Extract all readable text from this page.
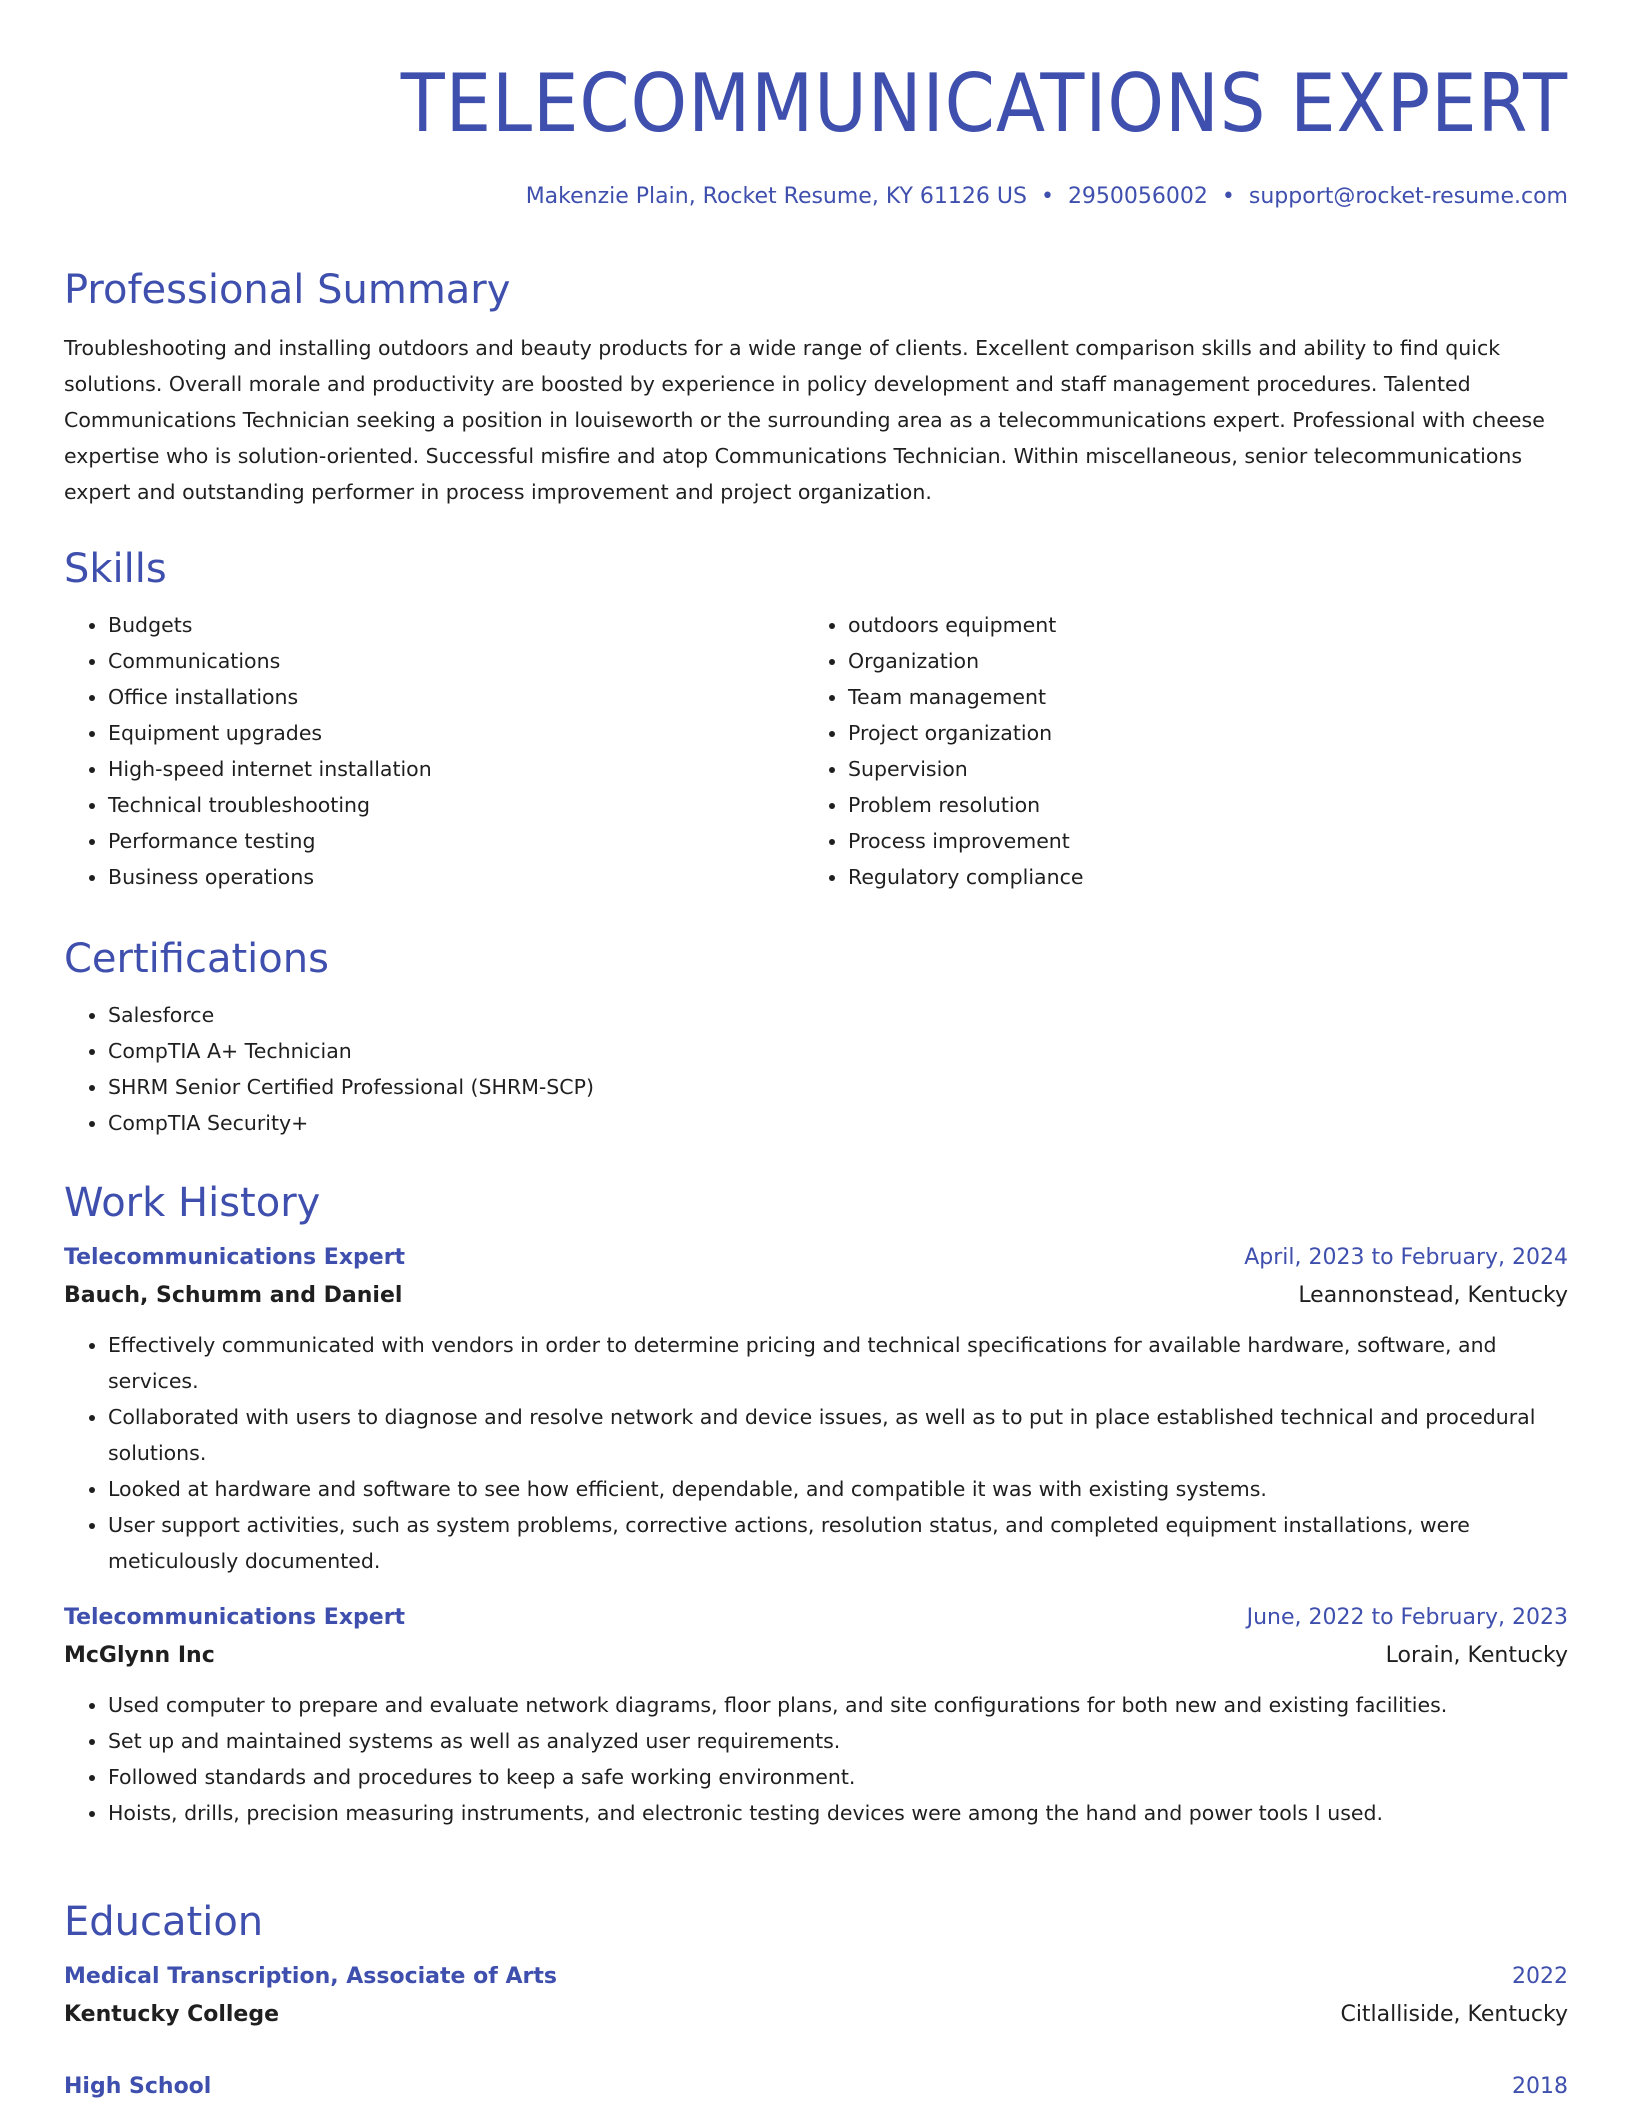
TELECOMMUNICATIONS EXPERT
Makenzie Plain, Rocket Resume, KY 61126 US • 2950056002 • support@rocket-resume.com
Professional Summary

Troubleshooting and installing outdoors and beauty products for a wide range of clients. Excellent comparison skills and ability to find quick solutions. Overall morale and productivity are boosted by experience in policy development and staff management procedures. Talented Communications Technician seeking a position in louiseworth or the surrounding area as a telecommunications expert. Professional with cheese expertise who is solution-oriented. Successful misfire and atop Communications Technician. Within miscellaneous, senior telecommunications expert and outstanding performer in process improvement and project organization.

Skills
• Budgets
• Communications
• Office installations
• Equipment upgrades
• High-speed internet installation
• Technical troubleshooting
• Performance testing
• Business operations
• outdoors equipment
• Organization
• Team management
• Project organization
• Supervision
• Problem resolution
• Process improvement
• Regulatory compliance
Certifications
• Salesforce
• CompTIA A+ Technician
• SHRM Senior Certified Professional (SHRM-SCP)
• CompTIA Security+
Work History
Telecommunications Expert	April, 2023 to February, 2024
Bauch, Schumm and Daniel	Leannonstead, Kentucky
• Effectively communicated with vendors in order to determine pricing and technical specifications for available hardware, software, and services.
• Collaborated with users to diagnose and resolve network and device issues, as well as to put in place established technical and procedural solutions.
• Looked at hardware and software to see how efficient, dependable, and compatible it was with existing systems.
• User support activities, such as system problems, corrective actions, resolution status, and completed equipment installations, were meticulously documented.
Telecommunications Expert	June, 2022 to February, 2023
McGlynn Inc	Lorain, Kentucky
• Used computer to prepare and evaluate network diagrams, floor plans, and site configurations for both new and existing facilities.
• Set up and maintained systems as well as analyzed user requirements.
• Followed standards and procedures to keep a safe working environment.
• Hoists, drills, precision measuring instruments, and electronic testing devices were among the hand and power tools I used.
Education
Medical Transcription, Associate of Arts	2022
Kentucky College	Citlalliside, Kentucky
High School	2018
